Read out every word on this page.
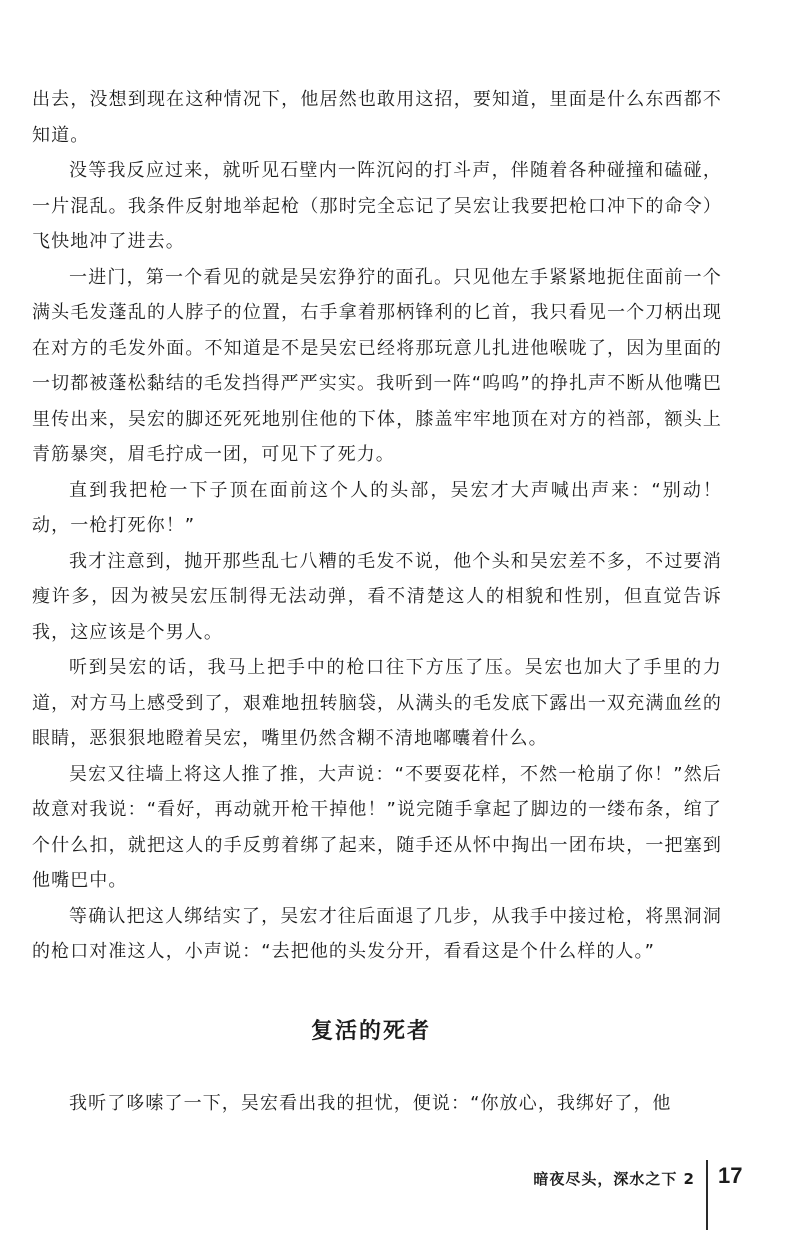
出去，没想到现在这种情况下，他居然也敢用这招，要知道，里面是什么东西都不知道。

没等我反应过来，就听见石壁内一阵沉闷的打斗声，伴随着各种碰撞和磕碰，一片混乱。我条件反射地举起枪（那时完全忘记了吴宏让我要把枪口冲下的命令）飞快地冲了进去。

一进门，第一个看见的就是吴宏狰狞的面孔。只见他左手紧紧地扼住面前一个满头毛发蓬乱的人脖子的位置，右手拿着那柄锋利的匕首，我只看见一个刀柄出现在对方的毛发外面。不知道是不是吴宏已经将那玩意儿扎进他喉咙了，因为里面的一切都被蓬松黏结的毛发挡得严严实实。我听到一阵“呜呜”的挣扎声不断从他嘴巴里传出来，吴宏的脚还死死地别住他的下体，膝盖牢牢地顶在对方的裆部，额头上青筋暴突，眉毛拧成一团，可见下了死力。

直到我把枪一下子顶在面前这个人的头部，吴宏才大声喊出声来：“别动！动，一枪打死你！”

我才注意到，抛开那些乱七八糟的毛发不说，他个头和吴宏差不多，不过要消瘦许多，因为被吴宏压制得无法动弹，看不清楚这人的相貌和性别，但直觉告诉我，这应该是个男人。

听到吴宏的话，我马上把手中的枪口往下方压了压。吴宏也加大了手里的力道，对方马上感受到了，艰难地扭转脑袋，从满头的毛发底下露出一双充满血丝的眼睛，恶狠狠地瞪着吴宏，嘴里仍然含糊不清地嘟囔着什么。

吴宏又往墙上将这人推了推，大声说：“不要耍花样，不然一枪崩了你！”然后故意对我说：“看好，再动就开枪干掉他！”说完随手拿起了脚边的一缕布条，绾了个什么扣，就把这人的手反剪着绑了起来，随手还从怀中掏出一团布块，一把塞到他嘴巴中。

等确认把这人绑结实了，吴宏才往后面退了几步，从我手中接过枪，将黑洞洞的枪口对准这人，小声说：“去把他的头发分开，看看这是个什么样的人。”

复活的死者

我听了哆嗦了一下，吴宏看出我的担忧，便说：“你放心，我绑好了，他

暗夜尽头，深水之下 2 17
